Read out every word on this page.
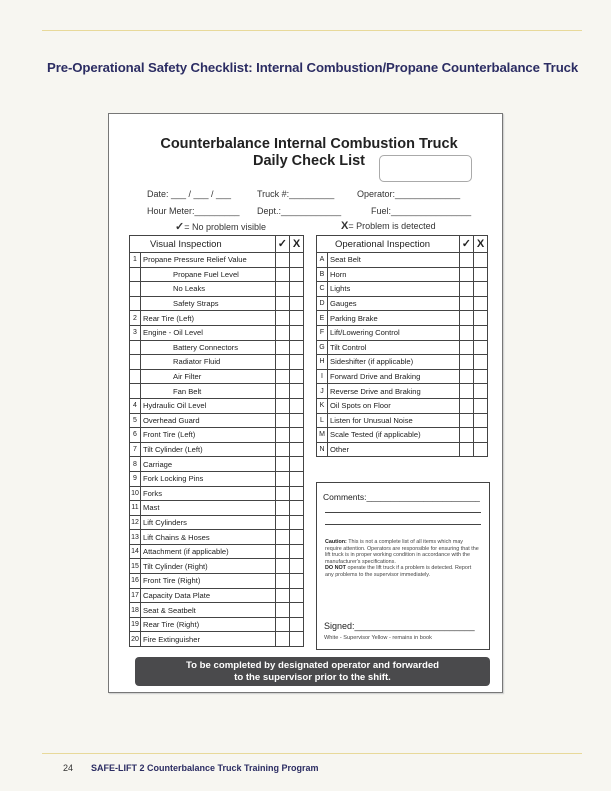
Pre-Operational Safety Checklist: Internal Combustion/Propane Counterbalance Truck
Counterbalance Internal Combustion Truck
Daily Check List
Date: ___ / ___ / ___	Truck #:_________	Operator:_____________
Hour Meter:_________ Dept.:____________	Fuel:________________
✓= No problem visible	X= Problem is detected
Visual Inspection		✓	X
1	Propane Pressure Relief Value		
	Propane Fuel Level		
	No Leaks		
	Safety Straps		
2	Rear Tire (Left)		
3	Engine - Oil Level		
	Battery Connectors		
	Radiator Fluid		
	Air Filter		
	Fan Belt		
4	Hydraulic Oil Level		
5	Overhead Guard		
6	Front Tire (Left)		
7	Tilt Cylinder (Left)		
8	Carriage		
9	Fork Locking Pins		
10	Forks		
11	Mast		
12	Lift Cylinders		
13	Lift Chains & Hoses		
14	Attachment (if applicable)		
15	Tilt Cylinder (Right)		
16	Front Tire (Right)		
17	Capacity Data Plate		
18	Seat & Seatbelt		
19	Rear Tire (Right)		
20	Fire Extinguisher		
Operational Inspection		✓	X
A	Seat Belt		
B	Horn		
C	Lights		
D	Gauges		
E	Parking Brake		
F	Lift/Lowering Control		
G	Tilt Control		
H	Sideshifter (if applicable)		
I	Forward Drive and Braking		
J	Reverse Drive and Braking		
K	Oil Spots on Floor		
L	Listen for Unusual Noise		
M	Scale Tested (if applicable)		
N	Other		
Comments:________________________
Caution: This is not a complete list of all items which may require attention. Operators are responsible for ensuring that the lift truck is in proper working condition in accordance with the manufacturer's specifications.
DO NOT operate the lift truck if a problem is detected. Report any problems to the supervisor immediately.
Signed:________________________
White - Supervisor Yellow - remains in book
To be completed by designated operator and forwarded
to the supervisor prior to the shift.
24 SAFE-LIFT 2 Counterbalance Truck Training Program
